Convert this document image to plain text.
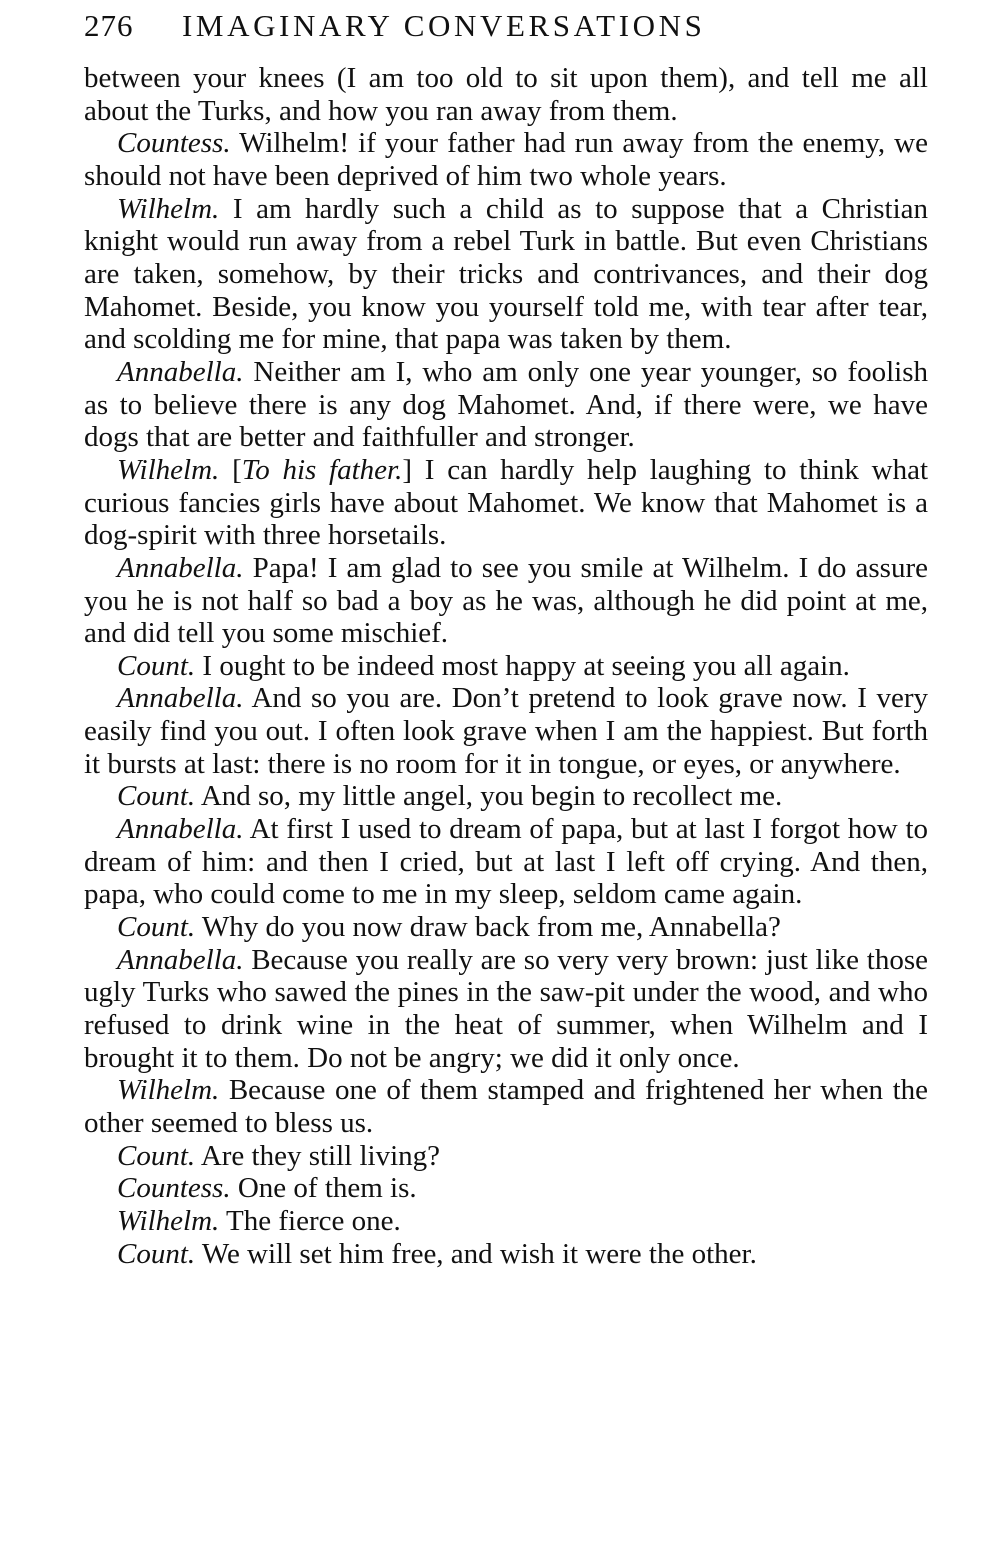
276 IMAGINARY CONVERSATIONS

between your knees (I am too old to sit upon them), and tell me all about the Turks, and how you ran away from them.

Countess. Wilhelm! if your father had run away from the enemy, we should not have been deprived of him two whole years.

Wilhelm. I am hardly such a child as to suppose that a Christian knight would run away from a rebel Turk in battle. But even Christians are taken, somehow, by their tricks and contrivances, and their dog Mahomet. Beside, you know you yourself told me, with tear after tear, and scolding me for mine, that papa was taken by them.

Annabella. Neither am I, who am only one year younger, so foolish as to believe there is any dog Mahomet. And, if there were, we have dogs that are better and faithfuller and stronger.

Wilhelm. [To his father.] I can hardly help laughing to think what curious fancies girls have about Mahomet. We know that Mahomet is a dog-spirit with three horsetails.

Annabella. Papa! I am glad to see you smile at Wilhelm. I do assure you he is not half so bad a boy as he was, although he did point at me, and did tell you some mischief.

Count. I ought to be indeed most happy at seeing you all again.

Annabella. And so you are. Don’t pretend to look grave now. I very easily find you out. I often look grave when I am the happiest. But forth it bursts at last: there is no room for it in tongue, or eyes, or anywhere.

Count. And so, my little angel, you begin to recollect me.

Annabella. At first I used to dream of papa, but at last I forgot how to dream of him: and then I cried, but at last I left off crying. And then, papa, who could come to me in my sleep, seldom came again.

Count. Why do you now draw back from me, Annabella?

Annabella. Because you really are so very very brown: just like those ugly Turks who sawed the pines in the saw-pit under the wood, and who refused to drink wine in the heat of summer, when Wilhelm and I brought it to them. Do not be angry; we did it only once.

Wilhelm. Because one of them stamped and frightened her when the other seemed to bless us.

Count. Are they still living?

Countess. One of them is.

Wilhelm. The fierce one.

Count. We will set him free, and wish it were the other.
